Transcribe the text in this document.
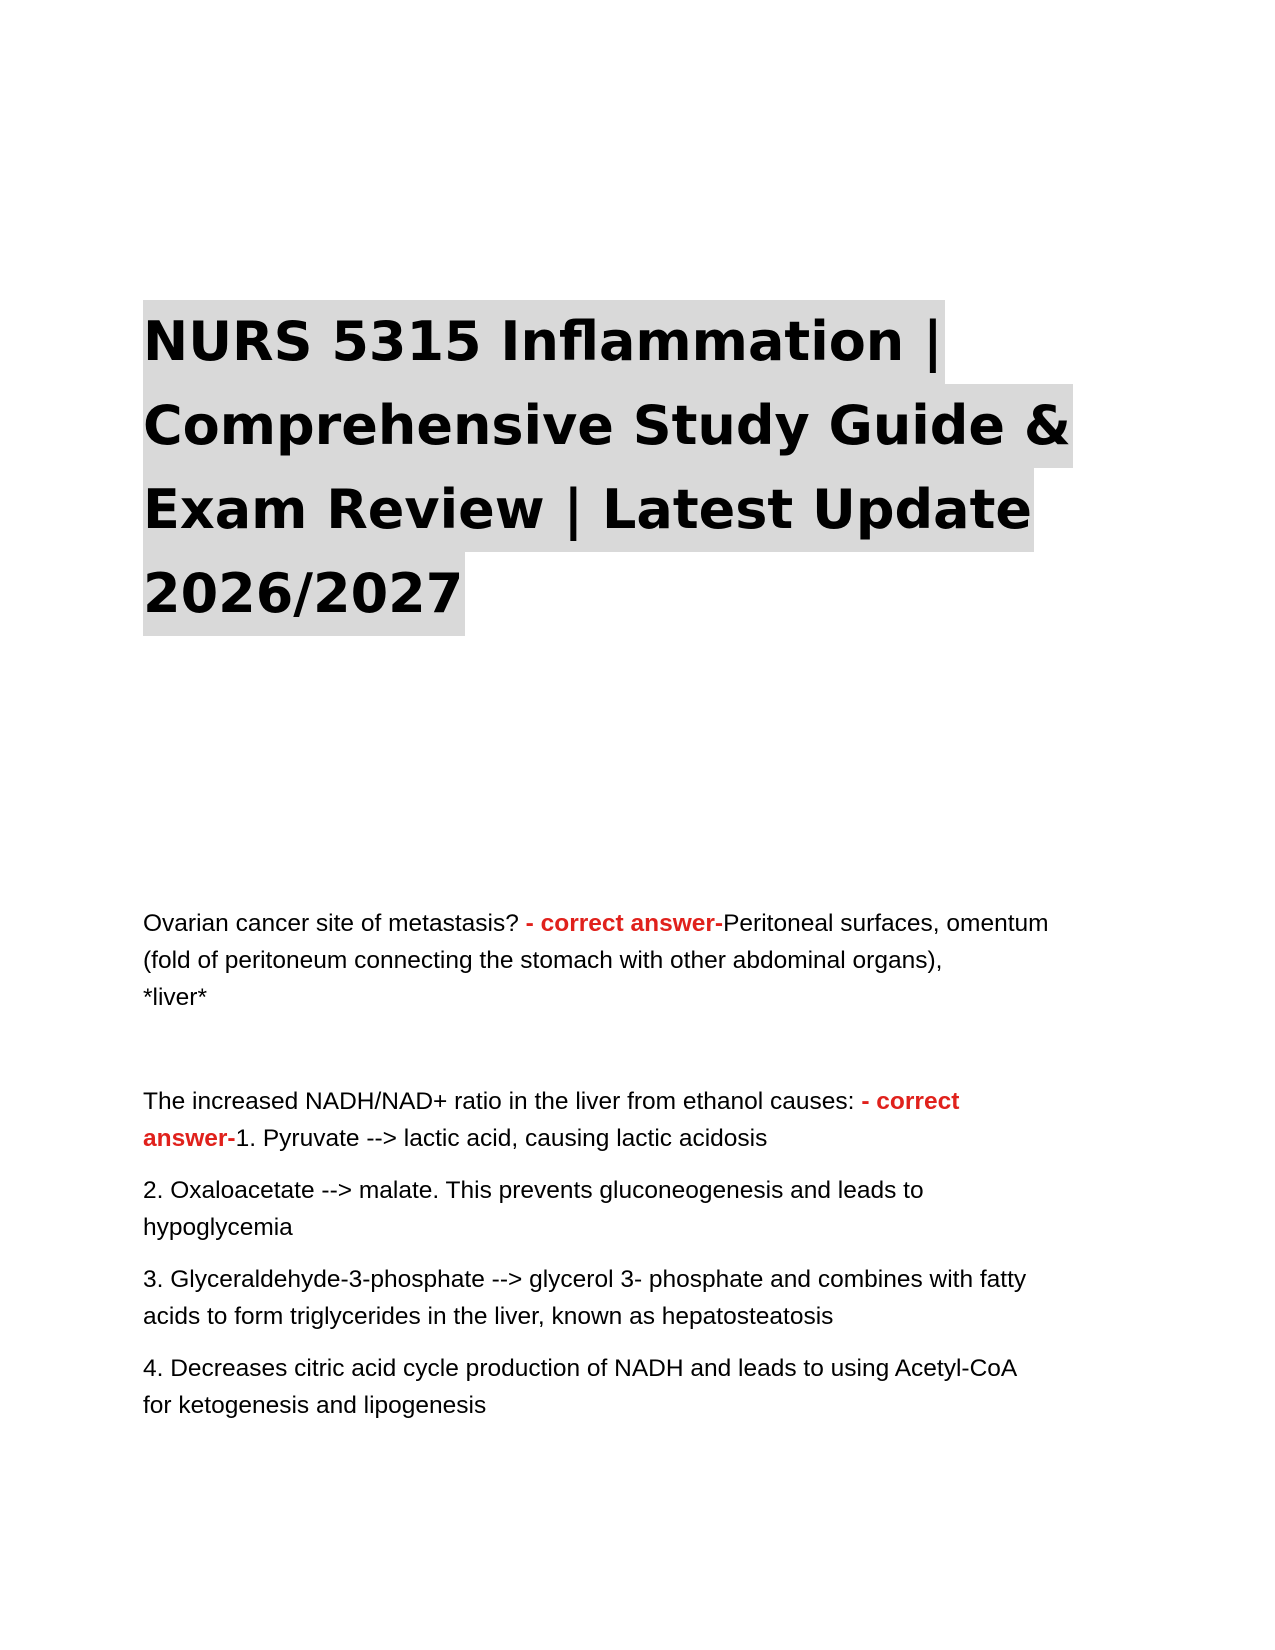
NURS 5315 Inflammation |
Comprehensive Study Guide &
Exam Review | Latest Update
2026/2027

Ovarian cancer site of metastasis? - correct answer-Peritoneal surfaces, omentum

(fold of peritoneum connecting the stomach with other abdominal organs),

*liver*

The increased NADH/NAD+ ratio in the liver from ethanol causes: - correct

answer-1. Pyruvate --> lactic acid, causing lactic acidosis

2. Oxaloacetate --> malate. This prevents gluconeogenesis and leads to
hypoglycemia
3. Glyceraldehyde-3-phosphate --> glycerol 3- phosphate and combines with fatty
acids to form triglycerides in the liver, known as hepatosteatosis
4. Decreases citric acid cycle production of NADH and leads to using Acetyl-CoA
for ketogenesis and lipogenesis
